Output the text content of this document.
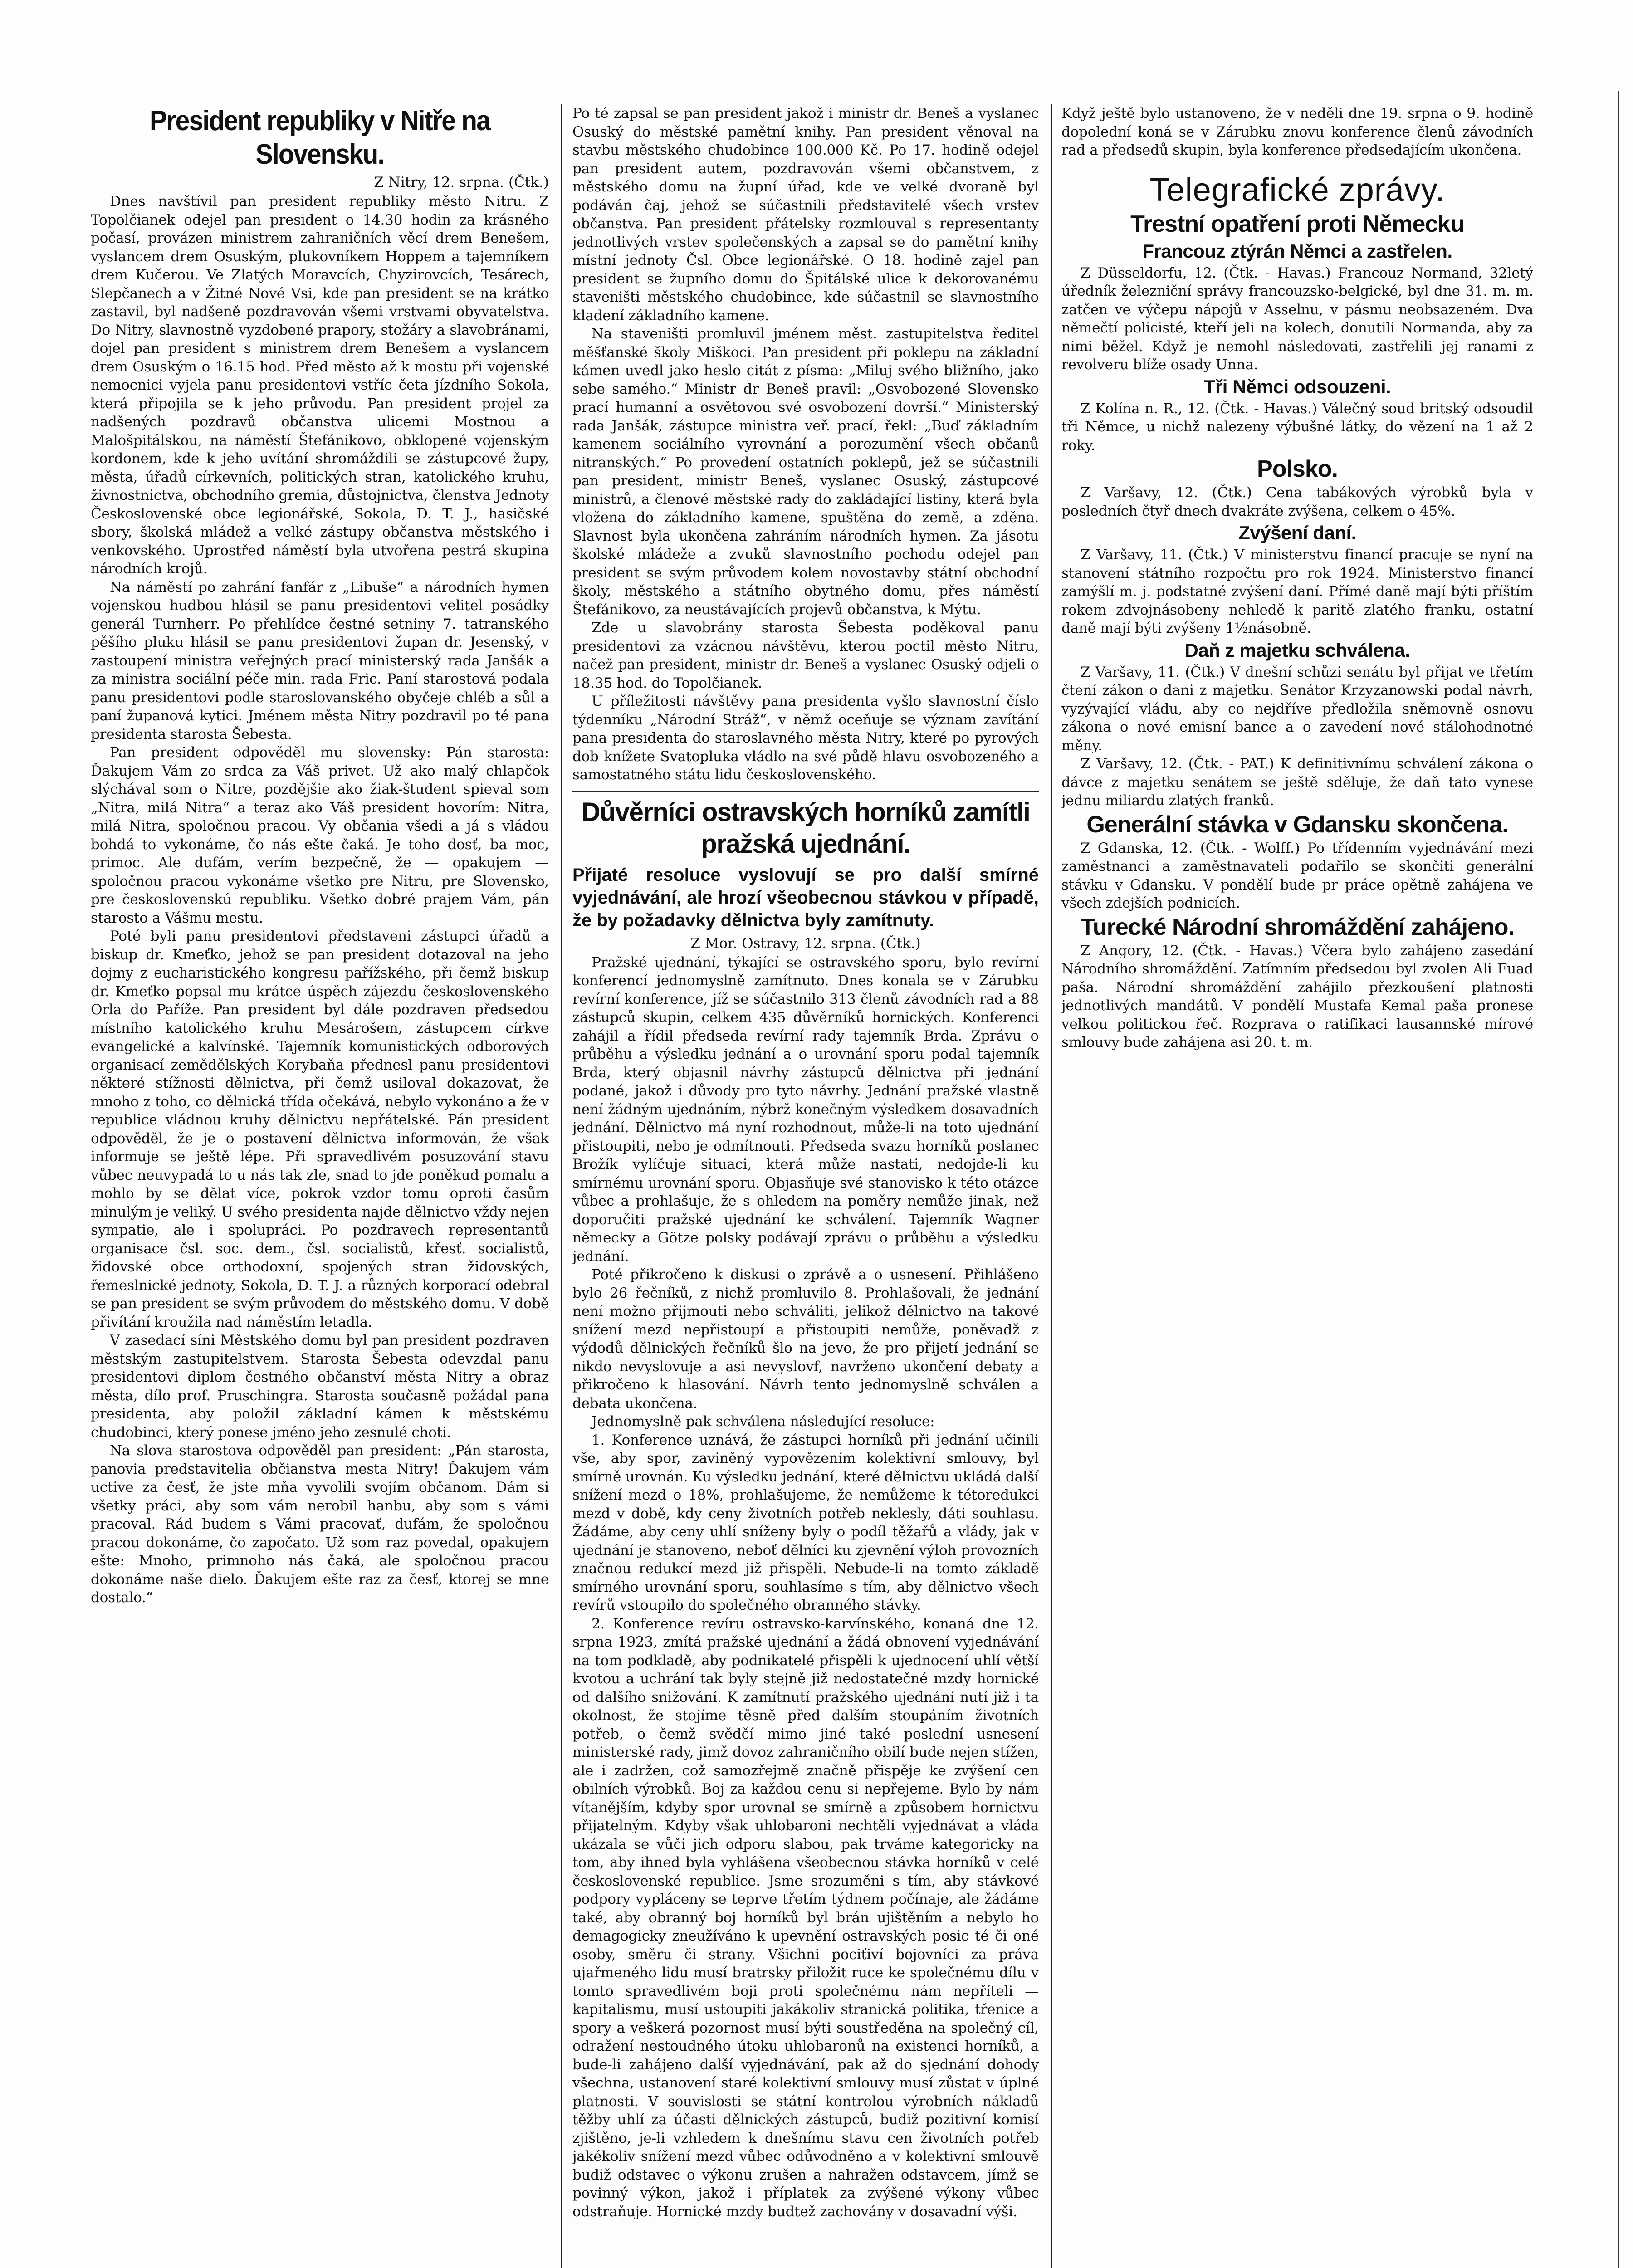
President republiky v Nitře na Slovensku.
Z Nitry, 12. srpna. (Čtk.)

Dnes navštívil pan president republiky město Nitru. Z Topolčianek odejel pan president o 14.30 hodin za krásného počasí, provázen ministrem zahraničních věcí drem Benešem, vyslancem drem Osuským, plukovníkem Hoppem a tajemníkem drem Kučerou. Ve Zlatých Moravcích, Chyzirovcích, Tesárech, Slepčanech a v Žitné Nové Vsi, kde pan president se na krátko zastavil, byl nadšeně pozdravován všemi vrstvami obyvatelstva. Do Nitry, slavnostně vyzdobené prapory, stožáry a slavobránami, dojel pan president s ministrem drem Benešem a vyslancem drem Osuským o 16.15 hod. Před město až k mostu při vojenské nemocnici vyjela panu presidentovi vstříc četa jízdního Sokola, která připojila se k jeho průvodu. Pan president projel za nadšených pozdravů občanstva ulicemi Mostnou a Malošpitálskou, na náměstí Štefánikovo, obklopené vojenským kordonem, kde k jeho uvítání shromáždili se zástupcové župy, města, úřadů církevních, politických stran, katolického kruhu, živnostnictva, obchodního gremia, důstojnictva, členstva Jednoty Československé obce legionářské, Sokola, D. T. J., hasičské sbory, školská mládež a velké zástupy občanstva městského i venkovského. Uprostřed náměstí byla utvořena pestrá skupina národních krojů.

Na náměstí po zahrání fanfár z „Libuše“ a národních hymen vojenskou hudbou hlásil se panu presidentovi velitel posádky generál Turnherr. Po přehlídce čestné setniny 7. tatranského pěšího pluku hlásil se panu presidentovi župan dr. Jesenský, v zastoupení ministra veřejných prací ministerský rada Janšák a za ministra sociální péče min. rada Fric. Paní starostová podala panu presidentovi podle staroslovanského obyčeje chléb a sůl a paní županová kytici. Jménem města Nitry pozdravil po té pana presidenta starosta Šebesta.

Pan president odpověděl mu slovensky: Pán starosta: Ďakujem Vám zo srdca za Váš privet. Už ako malý chlapčok slýchával som o Nitre, pozdějšie ako žiak-študent spieval som „Nitra, milá Nitra“ a teraz ako Váš president hovorím: Nitra, milá Nitra, spoločnou pracou. Vy občania všedi a já s vládou bohdá to vykonáme, čo nás ešte čaká. Je toho dosť, ba moc, primoc. Ale dufám, verím bezpečně, že — opakujem — spoločnou pracou vykonáme všetko pre Nitru, pre Slovensko, pre československú republiku. Všetko dobré prajem Vám, pán starosto a Vášmu mestu.

Poté byli panu presidentovi představeni zástupci úřadů a biskup dr. Kmeťko, jehož se pan president dotazoval na jeho dojmy z eucharistického kongresu pařížského, při čemž biskup dr. Kmeťko popsal mu krátce úspěch zájezdu československého Orla do Paříže. Pan president byl dále pozdraven předsedou místního katolického kruhu Mesárošem, zástupcem církve evangelické a kalvínské. Tajemník komunistických odborových organisací zemědělských Korybaňa přednesl panu presidentovi některé stížnosti dělnictva, při čemž usiloval dokazovat, že mnoho z toho, co dělnická třída očekává, nebylo vykonáno a že v republice vládnou kruhy dělnictvu nepřátelské. Pán president odpověděl, že je o postavení dělnictva informován, že však informuje se ještě lépe. Při spravedlivém posuzování stavu vůbec neuvypadá to u nás tak zle, snad to jde poněkud pomalu a mohlo by se dělat více, pokrok vzdor tomu oproti časům minulým je veliký. U svého presidenta najde dělnictvo vždy nejen sympatie, ale i spolupráci. Po pozdravech representantů organisace čsl. soc. dem., čsl. socialistů, křesť. socialistů, židovské obce orthodoxní, spojených stran židovských, řemeslnické jednoty, Sokola, D. T. J. a různých korporací odebral se pan president se svým průvodem do městského domu. V době přivítání kroužila nad náměstím letadla.

V zasedací síni Městského domu byl pan president pozdraven městským zastupitelstvem. Starosta Šebesta odevzdal panu presidentovi diplom čestného občanství města Nitry a obraz města, dílo prof. Pruschingra. Starosta současně požádal pana presidenta, aby položil základní kámen k městskému chudobinci, který ponese jméno jeho zesnulé choti.

Na slova starostova odpověděl pan president: „Pán starosta, panovia predstavitelia občianstva mesta Nitry! Ďakujem vám uctive za česť, že jste mňa vyvolili svojím občanom. Dám si všetky práci, aby som vám nerobil hanbu, aby som s vámi pracoval. Rád budem s Vámi pracovať, dufám, že spoločnou pracou dokonáme, čo započato. Už som raz povedal, opakujem ešte: Mnoho, primnoho nás čaká, ale spoločnou pracou dokonáme naše dielo. Ďakujem ešte raz za česť, ktorej se mne dostalo.“

Po té zapsal se pan president jakož i ministr dr. Beneš a vyslanec Osuský do městské pamětní knihy. Pan president věnoval na stavbu městského chudobince 100.000 Kč. Po 17. hodině odejel pan president autem, pozdravován všemi občanstvem, z městského domu na župní úřad, kde ve velké dvoraně byl podáván čaj, jehož se súčastnili představitelé všech vrstev občanstva. Pan president přátelsky rozmlouval s representanty jednotlivých vrstev společenských a zapsal se do pamětní knihy místní jednoty Čsl. Obce legionářské. O 18. hodině zajel pan president se župního domu do Špitálské ulice k dekorovanému staveništi městského chudobince, kde súčastnil se slavnostního kladení základního kamene.

Na staveništi promluvil jménem měst. zastupitelstva ředitel měšťanské školy Miškoci. Pan president při poklepu na základní kámen uvedl jako heslo citát z písma: „Miluj svého bližního, jako sebe samého.“ Ministr dr Beneš pravil: „Osvobozené Slovensko prací humanní a osvětovou své osvobození dovrší.“ Ministerský rada Janšák, zástupce ministra veř. prací, řekl: „Buď základním kamenem sociálního vyrovnání a porozumění všech občanů nitranských.“ Po provedení ostatních poklepů, jež se súčastnili pan president, ministr Beneš, vyslanec Osuský, zástupcové ministrů, a členové městské rady do zakládající listiny, která byla vložena do základního kamene, spuštěna do země, a zděna. Slavnost byla ukončena zahráním národních hymen. Za jásotu školské mládeže a zvuků slavnostního pochodu odejel pan president se svým průvodem kolem novostavby státní obchodní školy, městského a státního obytného domu, přes náměstí Štefánikovo, za neustávajících projevů občanstva, k Mýtu.

Zde u slavobrány starosta Šebesta poděkoval panu presidentovi za vzácnou návštěvu, kterou poctil město Nitru, načež pan president, ministr dr. Beneš a vyslanec Osuský odjeli o 18.35 hod. do Topolčianek.

U příležitosti návštěvy pana presidenta vyšlo slavnostní číslo týdenníku „Národní Stráž“, v němž oceňuje se význam zavítání pana presidenta do staroslavného města Nitry, které po pyrových dob knížete Svatopluka vládlo na své půdě hlavu osvobozeného a samostatného státu lidu československého.

Důvěrníci ostravských horníků zamítli pražská ujednání.
Přijaté resoluce vyslovují se pro další smírné vyjednávání, ale hrozí všeobecnou stávkou v případě, že by požadavky dělnictva byly zamítnuty.
Z Mor. Ostravy, 12. srpna. (Čtk.)

Pražské ujednání, týkající se ostravského sporu, bylo revírní konferencí jednomyslně zamítnuto. Dnes konala se v Zárubku revírní konference, jíž se súčastnilo 313 členů závodních rad a 88 zástupců skupin, celkem 435 důvěrníků hornických. Konferenci zahájil a řídil předseda revírní rady tajemník Brda. Zprávu o průběhu a výsledku jednání a o urovnání sporu podal tajemník Brda, který objasnil návrhy zástupců dělnictva při jednání podané, jakož i důvody pro tyto návrhy. Jednání pražské vlastně není žádným ujednáním, nýbrž konečným výsledkem dosavadních jednání. Dělnictvo má nyní rozhodnout, může-li na toto ujednání přistoupiti, nebo je odmítnouti. Předseda svazu horníků poslanec Brožík vylíčuje situaci, která může nastati, nedojde-li ku smírnému urovnání sporu. Objasňuje své stanovisko k této otázce vůbec a prohlašuje, že s ohledem na poměry nemůže jinak, než doporučiti pražské ujednání ke schválení. Tajemník Wagner německy a Götze polsky podávají zprávu o průběhu a výsledku jednání.

Poté přikročeno k diskusi o zprávě a o usnesení. Přihlášeno bylo 26 řečníků, z nichž promluvilo 8. Prohlašovali, že jednání není možno přijmouti nebo schváliti, jelikož dělnictvo na takové snížení mezd nepřistoupí a přistoupiti nemůže, poněvadž z výdodů dělnických řečníků šlo na jevo, že pro přijetí jednání se nikdo nevyslovuje a asi nevyslovf, navrženo ukončení debaty a přikročeno k hlasování. Návrh tento jednomyslně schválen a debata ukončena.

Jednomyslně pak schválena následující resoluce:

1. Konference uznává, že zástupci horníků při jednání učinili vše, aby spor, zaviněný vypovězením kolektivní smlouvy, byl smírně urovnán. Ku výsledku jednání, které dělnictvu ukládá další snížení mezd o 18%, prohlašujeme, že nemůžeme k tétoredukci mezd v době, kdy ceny životních potřeb neklesly, dáti souhlasu. Žádáme, aby ceny uhlí sníženy byly o podíl těžařů a vlády, jak v ujednání je stanoveno, neboť dělníci ku zjevnění výloh provozních značnou redukcí mezd již přispěli. Nebude-li na tomto základě smírného urovnání sporu, souhlasíme s tím, aby dělnictvo všech revírů vstoupilo do společného obranného stávky.

2. Konference revíru ostravsko-karvínského, konaná dne 12. srpna 1923, zmítá pražské ujednání a žádá obnovení vyjednávání na tom podkladě, aby podnikatelé přispěli k ujednocení uhlí větší kvotou a uchrání tak byly stejně již nedostatečné mzdy hornické od dalšího snižování. K zamítnutí pražského ujednání nutí již i ta okolnost, že stojíme těsně před dalším stoupáním životních potřeb, o čemž svědčí mimo jiné také poslední usnesení ministerské rady, jimž dovoz zahraničního obilí bude nejen stížen, ale i zadržen, což samozřejmě značně přispěje ke zvýšení cen obilních výrobků. Boj za každou cenu si nepřejeme. Bylo by nám vítanějším, kdyby spor urovnal se smírně a způsobem hornictvu přijatelným. Kdyby však uhlobaroni nechtěli vyjednávat a vláda ukázala se vůči jich odporu slabou, pak trváme kategoricky na tom, aby ihned byla vyhlášena všeobecnou stávka horníků v celé československé republice. Jsme srozuměni s tím, aby stávkové podpory vypláceny se teprve třetím týdnem počínaje, ale žádáme také, aby obranný boj horníků byl brán ujištěním a nebylo ho demagogicky zneužíváno k upevnění ostravských posic té či oné osoby, směru či strany. Všichni pociťiví bojovníci za práva ujařmeného lidu musí bratrsky přiložit ruce ke společnému dílu v tomto spravedlivém boji proti společnému nám nepříteli — kapitalismu, musí ustoupiti jakákoliv stranická politika, třenice a spory a veškerá pozornost musí býti soustředěna na společný cíl, odražení nestoudného útoku uhlobaronů na existenci horníků, a bude-li zahájeno další vyjednávání, pak až do sjednání dohody všechna, ustanovení staré kolektivní smlouvy musí zůstat v úplné platnosti. V souvislosti se státní kontrolou výrobních nákladů těžby uhlí za účasti dělnických zástupců, budiž pozitivní komisí zjištěno, je-li vzhledem k dnešnímu stavu cen životních potřeb jakékoliv snížení mezd vůbec odůvodněno a v kolektivní smlouvě budiž odstavec o výkonu zrušen a nahražen odstavcem, jímž se povinný výkon, jakož i příplatek za zvýšené výkony vůbec odstraňuje. Hornické mzdy budtež zachovány v dosavadní výši.

Když ještě bylo ustanoveno, že v neděli dne 19. srpna o 9. hodině dopolední koná se v Zárubku znovu konference členů závodních rad a předsedů skupin, byla konference předsedajícím ukončena.

Telegrafické zprávy.
Trestní opatření proti Německu
Francouz ztýrán Němci a zastřelen.

Z Düsseldorfu, 12. (Čtk. - Havas.) Francouz Normand, 32letý úředník železniční správy francouzsko-belgické, byl dne 31. m. m. zatčen ve výčepu nápojů v Asselnu, v pásmu neobsazeném. Dva němečtí policisté, kteří jeli na kolech, donutili Normanda, aby za nimi běžel. Když je nemohl následovati, zastřelili jej ranami z revolveru blíže osady Unna.

Tři Němci odsouzeni.

Z Kolína n. R., 12. (Čtk. - Havas.) Válečný soud britský odsoudil tři Němce, u nichž nalezeny výbušné látky, do vězení na 1 až 2 roky.

Polsko.

Z Varšavy, 12. (Čtk.) Cena tabákových výrobků byla v posledních čtyř dnech dvakráte zvýšena, celkem o 45%.

Zvýšení daní.

Z Varšavy, 11. (Čtk.) V ministerstvu financí pracuje se nyní na stanovení státního rozpočtu pro rok 1924. Ministerstvo financí zamýšlí m. j. podstatné zvýšení daní. Přímé daně mají býti příštím rokem zdvojnásobeny nehledě k paritě zlatého franku, ostatní daně mají býti zvýšeny 1½násobně.

Daň z majetku schválena.

Z Varšavy, 11. (Čtk.) V dnešní schůzi senátu byl přijat ve třetím čtení zákon o dani z majetku. Senátor Krzyzanowski podal návrh, vyzývající vládu, aby co nejdříve předložila sněmovně osnovu zákona o nové emisní bance a o zavedení nové stálohodnotné měny.

Z Varšavy, 12. (Čtk. - PAT.) K definitivnímu schválení zákona o dávce z majetku senátem se ještě sděluje, že daň tato vynese jednu miliardu zlatých franků.

Generální stávka v Gdansku skončena.

Z Gdanska, 12. (Čtk. - Wolff.) Po třídenním vyjednávání mezi zaměstnanci a zaměstnavateli podařilo se skončiti generální stávku v Gdansku. V pondělí bude pr práce opětně zahájena ve všech zdejších podnicích.

Turecké Národní shromáždění zahájeno.

Z Angory, 12. (Čtk. - Havas.) Včera bylo zahájeno zasedání Národního shromáždění. Zatímním předsedou byl zvolen Ali Fuad paša. Národní shromáždění zahájilo přezkoušení platnosti jednotlivých mandátů. V pondělí Mustafa Kemal paša pronese velkou politickou řeč. Rozprava o ratifikaci lausannské mírové smlouvy bude zahájena asi 20. t. m.
